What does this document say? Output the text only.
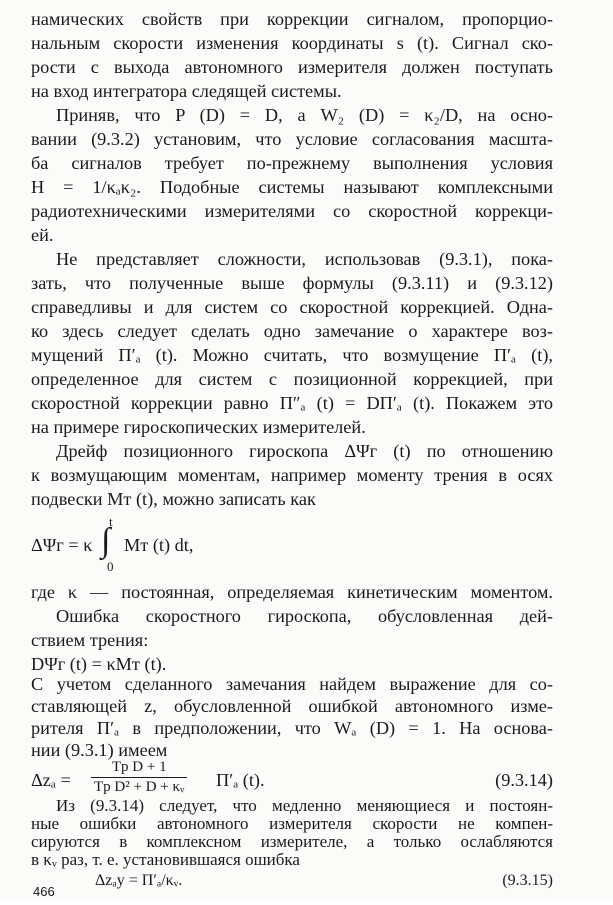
намических свойств при коррекции сигналом, пропорцио-
нальным скорости изменения координаты s (t). Сигнал ско-
рости с выхода автономного измерителя должен поступать
на вход интегратора следящей системы.
Приняв, что P (D) = D, а W₂ (D) = κ₂/D, на осно-
вании (9.3.2) установим, что условие согласования масшта-
ба сигналов требует по-прежнему выполнения условия
H = 1/κₐκ₂. Подобные системы называют комплексными
радиотехническими измерителями со скоростной коррекци-
ей.
Не представляет сложности, использовав (9.3.1), пока-
зать, что полученные выше формулы (9.3.11) и (9.3.12)
справедливы и для систем со скоростной коррекцией. Одна-
ко здесь следует сделать одно замечание о характере воз-
мущений Π′ₐ (t). Можно считать, что возмущение Π′ₐ (t),
определенное для систем с позиционной коррекцией, при
скоростной коррекции равно Π″ₐ (t) = DΠ′ₐ (t). Покажем это
на примере гироскопических измерителей.
Дрейф позиционного гироскопа ΔΨг (t) по отношению
к возмущающим моментам, например моменту трения в осях
подвески Mт (t), можно записать как
ΔΨг = κ
t
∫
0
Mт (t) dt,
где κ — постоянная, определяемая кинетическим моментом.
Ошибка скоростного гироскопа, обусловленная дей-
ствием трения:
DΨг (t) = κMт (t).
С учетом сделанного замечания найдем выражение для со-
ставляющей z, обусловленной ошибкой автономного изме-
рителя Π′ₐ в предположении, что Wₐ (D) = 1. На основа-
нии (9.3.1) имеем
466
Δzₐ =
Tр D + 1
Tр D² + D + κᵥ Π′ₐ (t).	(9.3.14)
Из (9.3.14) следует, что медленно меняющиеся и постоян-
ные ошибки автономного измерителя скорости не компен-
сируются в комплексном измерителе, а только ослабляются
в κᵥ раз, т. е. установившаяся ошибка
Δzₐу = Π′ₐ/κᵥ.	(9.3.15)
